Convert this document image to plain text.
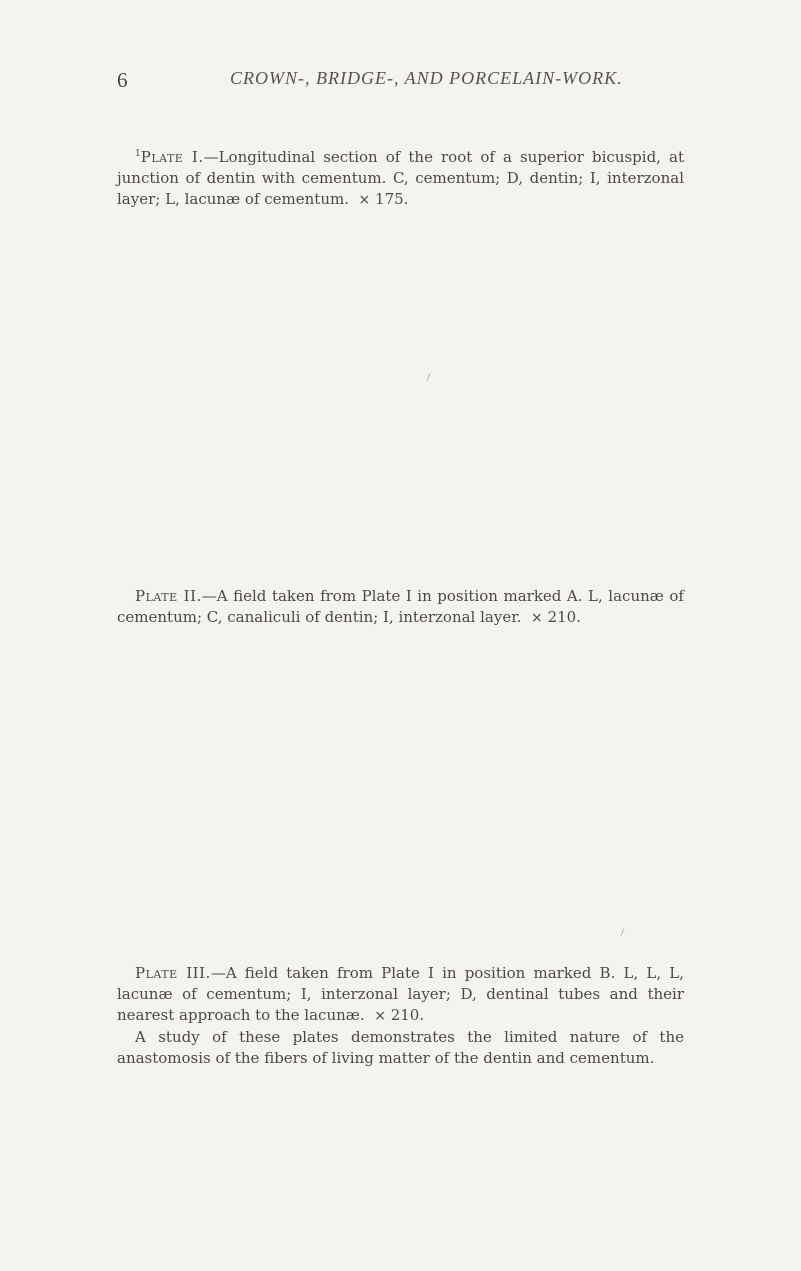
6	CROWN-, BRIDGE-, AND PORCELAIN-WORK.

$^1$Plate I.—Longitudinal section of the root of a superior bicuspid, at junction of dentin with cementum. C, cementum; D, dentin; I, interzonal layer; L, lacunæ of cementum. ⨯ 175.

Plate II.—A field taken from Plate I in position marked A. L, lacunæ of cementum; C, canaliculi of dentin; I, interzonal layer. ⨯ 210.

Plate III.—A field taken from Plate I in position marked B. L, L, L, lacunæ of cementum; I, interzonal layer; D, dentinal tubes and their nearest approach to the lacunæ. ⨯ 210.

A study of these plates demonstrates the limited nature of the anastomosis of the fibers of living matter of the dentin and cementum.
